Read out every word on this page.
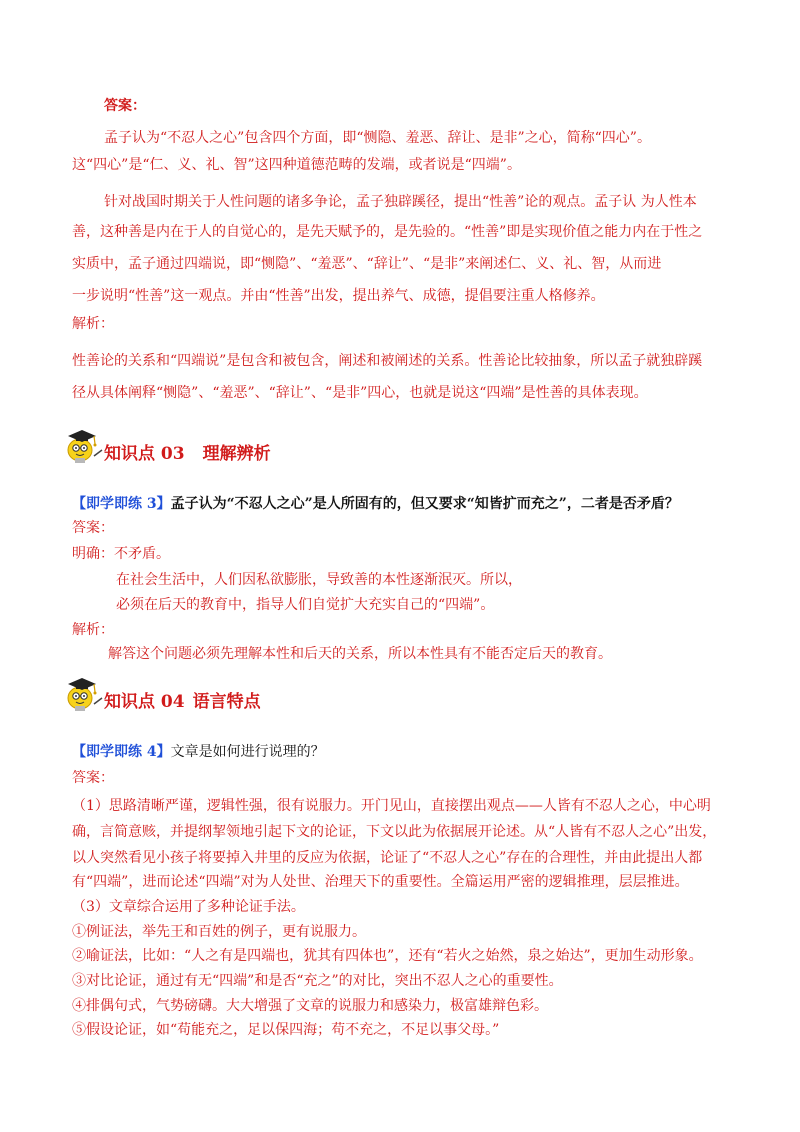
答案：
孟子认为“不忍人之心”包含四个方面，即“恻隐、羞恶、辞让、是非”之心，简称“四心”。
这“四心”是“仁、义、礼、智”这四种道德范畴的发端，或者说是“四端”。
针对战国时期关于人性问题的诸多争论，孟子独辟蹊径，提出“性善”论的观点。孟子认 为人性本
善，这种善是内在于人的自觉心的，是先天赋予的，是先验的。“性善”即是实现价值之能力内在于性之
实质中，孟子通过四端说，即“恻隐”、“羞恶”、“辞让”、“是非”来阐述仁、义、礼、智，从而进
一步说明“性善”这一观点。并由“性善”出发，提出养气、成德，提倡要注重人格修养。
解析：
性善论的关系和“四端说”是包含和被包含，阐述和被阐述的关系。性善论比较抽象，所以孟子就独辟蹊
径从具体阐释“恻隐”、“羞恶”、“辞让”、“是非”四心，也就是说这“四端”是性善的具体表现。
知识点 03 理解辨析
【即学即练 3】孟子认为“不忍人之心”是人所固有的，但又要求“知皆扩而充之”，二者是否矛盾？
答案：
明确：不矛盾。
在社会生活中，人们因私欲膨胀，导致善的本性逐渐泯灭。所以，
必须在后天的教育中，指导人们自觉扩大充实自己的“四端”。
解析：
解答这个问题必须先理解本性和后天的关系，所以本性具有不能否定后天的教育。
知识点 04 语言特点
【即学即练 4】文章是如何进行说理的？
答案：
（1）思路清晰严谨，逻辑性强，很有说服力。开门见山，直接摆出观点——人皆有不忍人之心，中心明
确，言简意赅，并提纲挈领地引起下文的论证，下文以此为依据展开论述。从“人皆有不忍人之心”出发，
以人突然看见小孩子将要掉入井里的反应为依据，论证了“不忍人之心”存在的合理性，并由此提出人都
有“四端”，进而论述“四端”对为人处世、治理天下的重要性。全篇运用严密的逻辑推理，层层推进。
（3）文章综合运用了多种论证手法。
①例证法，举先王和百姓的例子，更有说服力。
②喻证法，比如：“人之有是四端也，犹其有四体也”，还有“若火之始然，泉之始达”，更加生动形象。
③对比论证，通过有无“四端”和是否“充之”的对比，突出不忍人之心的重要性。
④排偶句式，气势磅礴。大大增强了文章的说服力和感染力，极富雄辩色彩。
⑤假设论证，如“苟能充之，足以保四海；苟不充之，不足以事父母。”
